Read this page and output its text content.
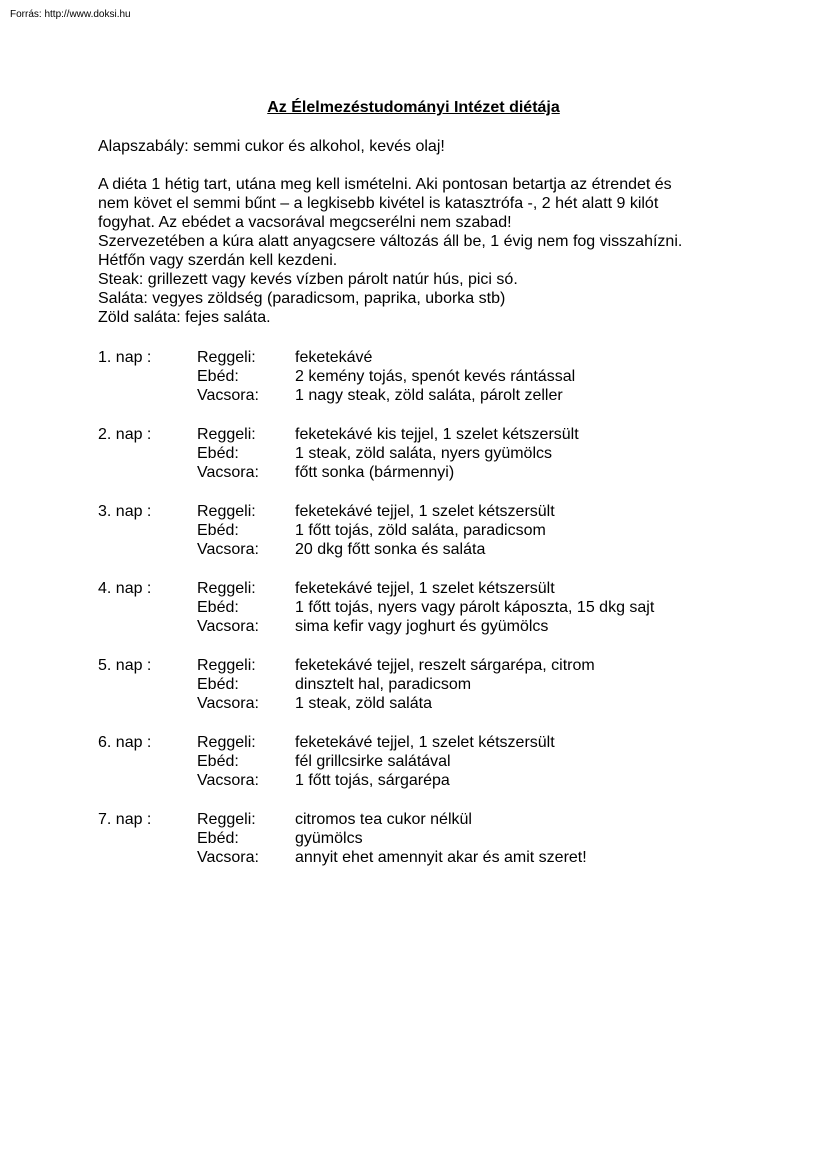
Forrás: http://www.doksi.hu
Az Élelmezéstudományi Intézet diétája
Alapszabály: semmi cukor és alkohol, kevés olaj!
A diéta 1 hétig tart, utána meg kell ismételni. Aki pontosan betartja az étrendet és
nem követ el semmi bűnt – a legkisebb kivétel is katasztrófa -, 2 hét alatt 9 kilót
fogyhat. Az ebédet a vacsorával megcserélni nem szabad!
Szervezetében a kúra alatt anyagcsere változás áll be, 1 évig nem fog visszahízni.
Hétfőn vagy szerdán kell kezdeni.
Steak: grillezett vagy kevés vízben párolt natúr hús, pici só.
Saláta: vegyes zöldség (paradicsom, paprika, uborka stb)
Zöld saláta: fejes saláta.
1. nap :	Reggeli: feketekávé
Ebéd:	2 kemény tojás, spenót kevés rántással
Vacsora: 1 nagy steak, zöld saláta, párolt zeller
2. nap :	Reggeli: feketekávé kis tejjel, 1 szelet kétszersült
Ebéd:	1 steak, zöld saláta, nyers gyümölcs
Vacsora: főtt sonka (bármennyi)
3. nap :	Reggeli: feketekávé tejjel, 1 szelet kétszersült
Ebéd:	1 főtt tojás, zöld saláta, paradicsom
Vacsora: 20 dkg főtt sonka és saláta
4. nap :	Reggeli: feketekávé tejjel, 1 szelet kétszersült
Ebéd:	1 főtt tojás, nyers vagy párolt káposzta, 15 dkg sajt
Vacsora: sima kefir vagy joghurt és gyümölcs
5. nap :	Reggeli: feketekávé tejjel, reszelt sárgarépa, citrom
Ebéd:	dinsztelt hal, paradicsom
Vacsora: 1 steak, zöld saláta
6. nap :	Reggeli: feketekávé tejjel, 1 szelet kétszersült
Ebéd:	fél grillcsirke salátával
Vacsora: 1 főtt tojás, sárgarépa
7. nap :	Reggeli: citromos tea cukor nélkül
Ebéd:	gyümölcs
Vacsora: annyit ehet amennyit akar és amit szeret!
